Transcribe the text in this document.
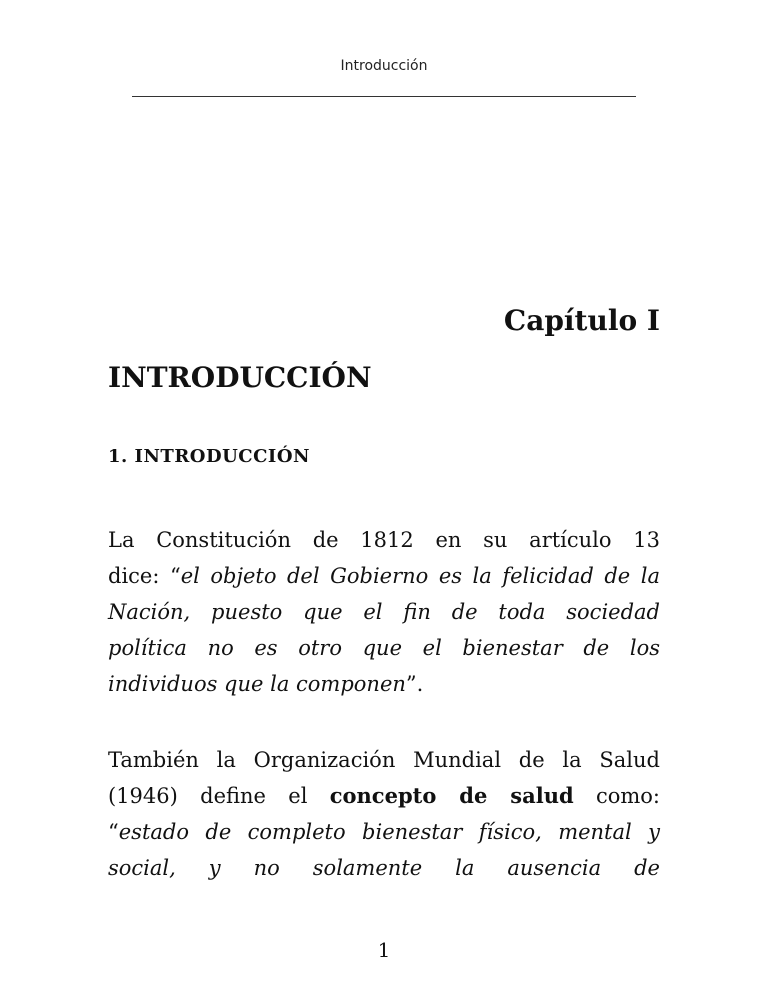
Introducción
Capítulo I
INTRODUCCIÓN
1. INTRODUCCIÓN
La Constitución de 1812 en su artículo 13
dice: “el objeto del Gobierno es la felicidad de la
Nación, puesto que el fin de toda sociedad
política no es otro que el bienestar de los
individuos que la componen”.
También la Organización Mundial de la Salud
(1946) define el concepto de salud como:
“estado de completo bienestar físico, mental y
social, y no solamente la ausencia de
1
